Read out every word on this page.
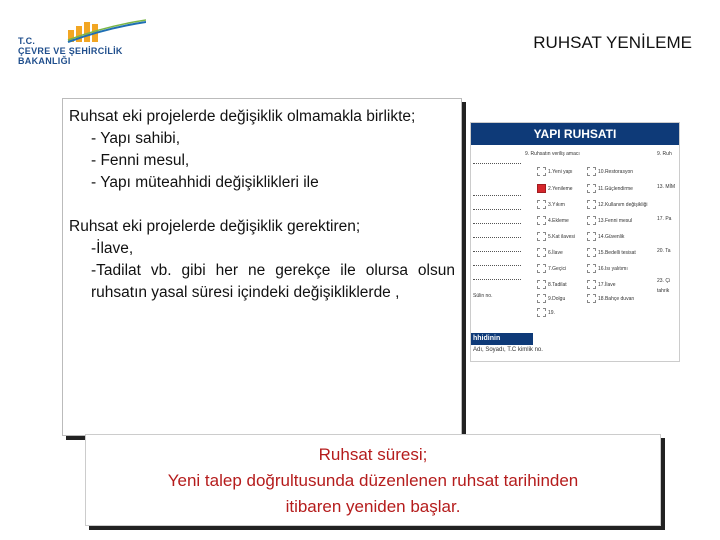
T.C.
ÇEVRE VE ŞEHİRCİLİK
BAKANLIĞI
RUHSAT YENİLEME
Ruhsat eki projelerde değişiklik olmamakla birlikte;
- Yapı sahibi,
- Fenni mesul,
- Yapı müteahhidi değişiklikleri ile
Ruhsat eki projelerde değişiklik gerektiren;
-İlave,
-Tadilat vb. gibi her ne gerekçe ile olursa olsun ruhsatın yasal süresi içindeki değişikliklerde ,
YAPI RUHSATI
9. Ruhsatın veriliş amacı	9. Ruh
Sülin no.
1.Yeni yapı
2.Yenileme
3.Yıkım
4.Ekleme
5.Kat ilavesi
6.İlave
7.Geçici
8.Tadilat
9.Dolgu
19.
10.Restorasyon
11.Güçlendirme
12.Kullanım değişikliği
13.Fenni mesul
14.Güvenlik
15.Bedelli tesisat
16.Isı yalıtımı
17.İlave
18.Bahçe duvarı
13. MİM
17. Pa
20. Ta
23. Çi
tahrik
hhidinin
Adı, Soyadı, T.C kimlik no.
Ruhsat süresi;
Yeni talep doğrultusunda düzenlenen ruhsat tarihinden
itibaren yeniden başlar.
